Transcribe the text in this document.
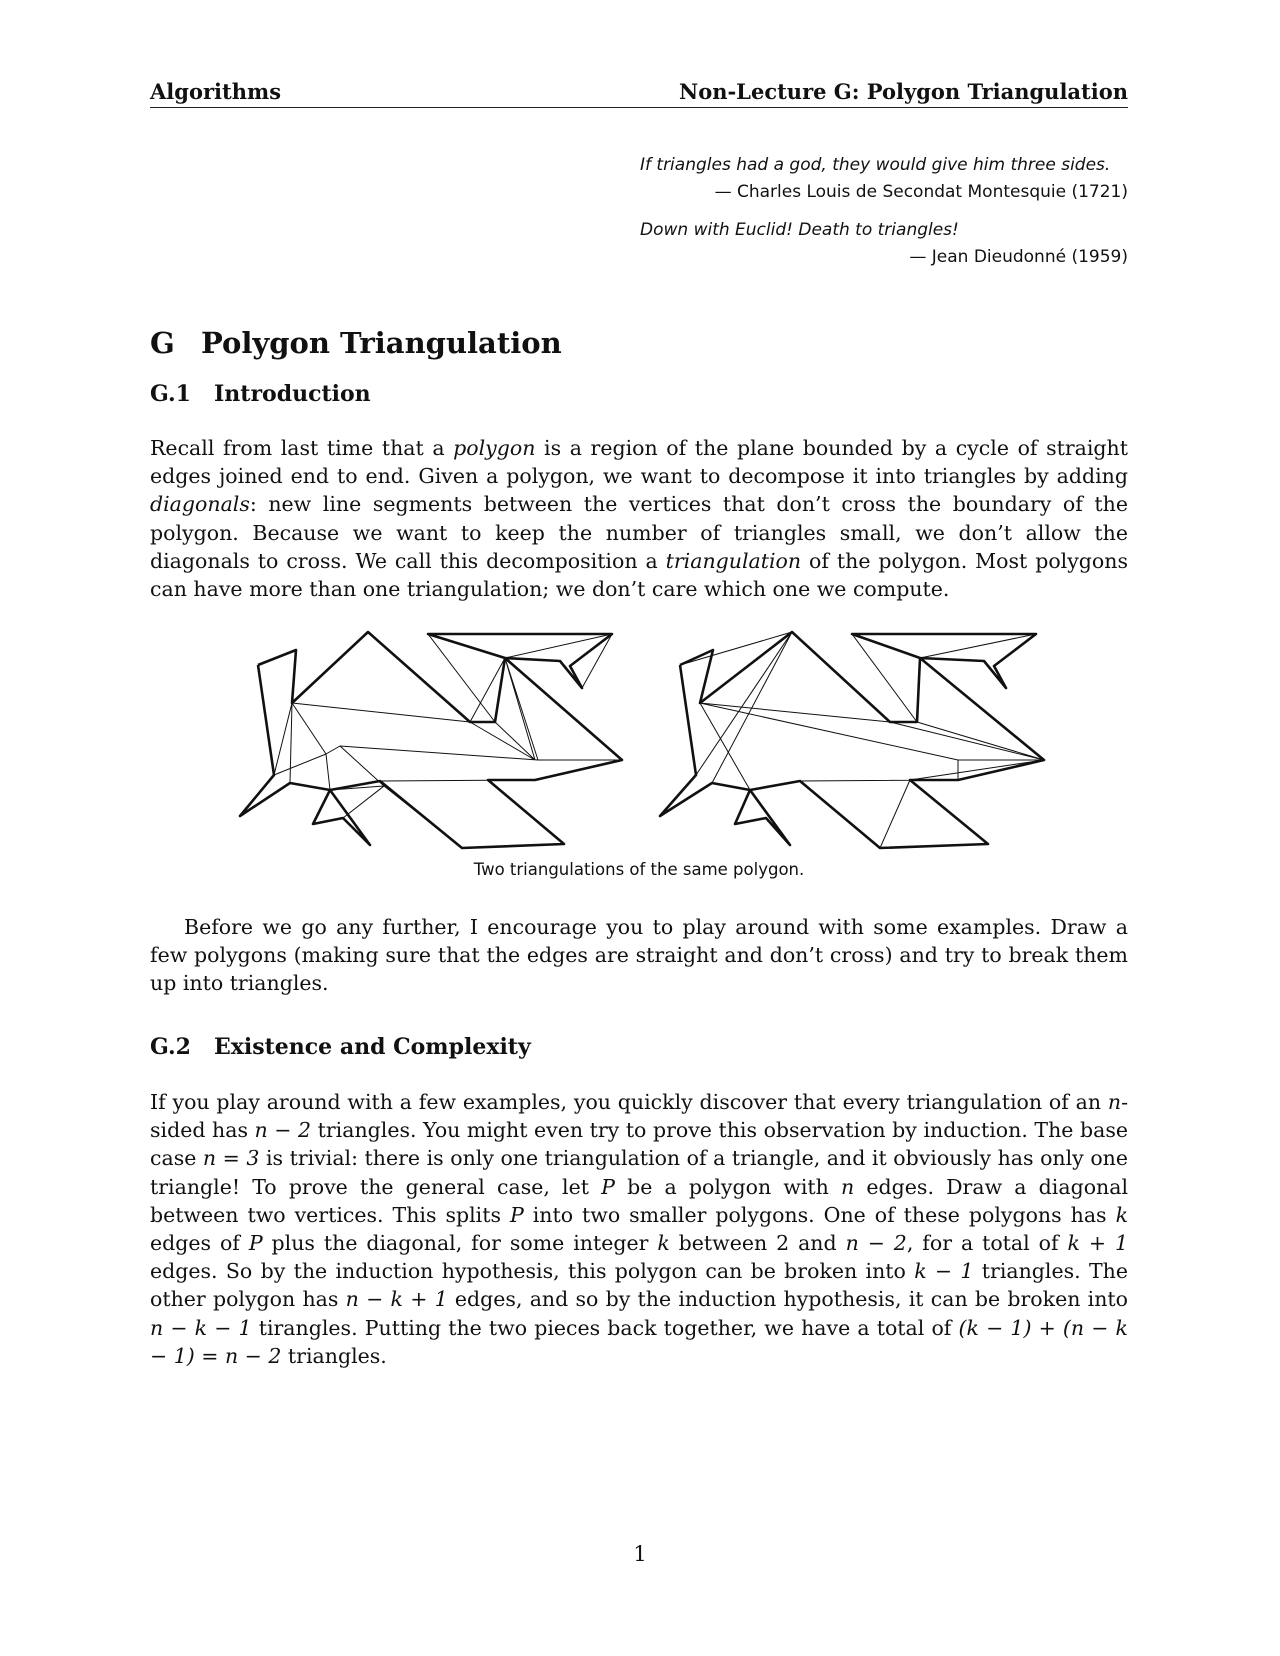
Algorithms	Non-Lecture G: Polygon Triangulation
If triangles had a god, they would give him three sides.
— Charles Louis de Secondat Montesquie (1721)
Down with Euclid! Death to triangles!
— Jean Dieudonné (1959)
G Polygon Triangulation
G.1 Introduction

Recall from last time that a polygon is a region of the plane bounded by a cycle of straight edges joined end to end. Given a polygon, we want to decompose it into triangles by adding diagonals: new line segments between the vertices that don’t cross the boundary of the polygon. Because we want to keep the number of triangles small, we don’t allow the diagonals to cross. We call this decomposition a triangulation of the polygon. Most polygons can have more than one triangulation; we don’t care which one we compute.

Two triangulations of the same polygon.

Before we go any further, I encourage you to play around with some examples. Draw a few polygons (making sure that the edges are straight and don’t cross) and try to break them up into triangles.

G.2 Existence and Complexity

If you play around with a few examples, you quickly discover that every triangulation of an n-sided has n − 2 triangles. You might even try to prove this observation by induction. The base case n = 3 is trivial: there is only one triangulation of a triangle, and it obviously has only one triangle! To prove the general case, let P be a polygon with n edges. Draw a diagonal between two vertices. This splits P into two smaller polygons. One of these polygons has k edges of P plus the diagonal, for some integer k between 2 and n − 2, for a total of k + 1 edges. So by the induction hypothesis, this polygon can be broken into k − 1 triangles. The other polygon has n − k + 1 edges, and so by the induction hypothesis, it can be broken into n − k − 1 tirangles. Putting the two pieces back together, we have a total of (k − 1) + (n − k − 1) = n − 2 triangles.

1
